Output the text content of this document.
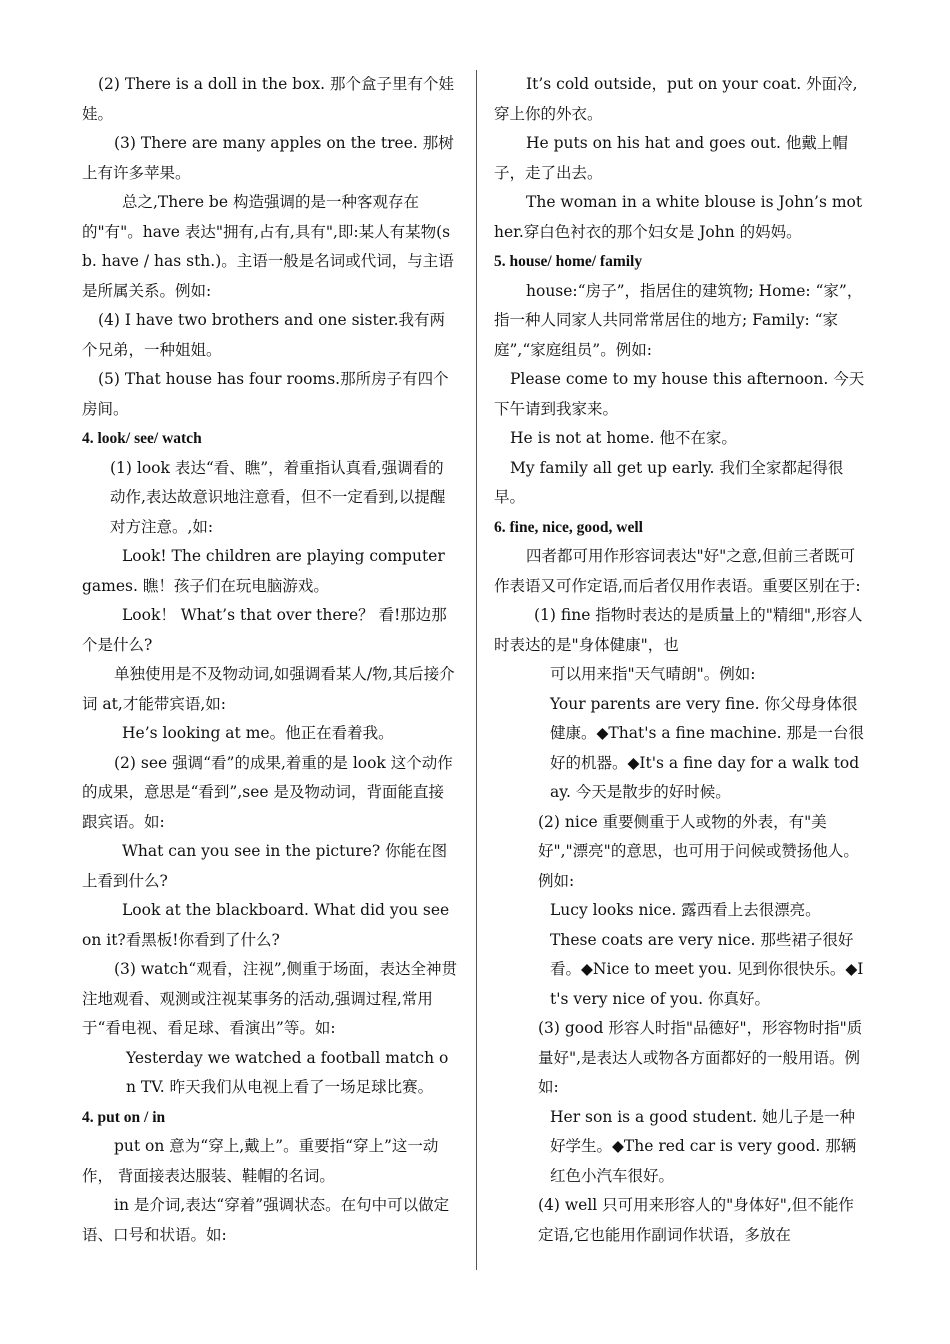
(2) There is a doll in the box. 那个盒子里有个娃娃。

(3) There are many apples on the tree. 那树上有许多苹果。

总之,There be 构造强调的是一种客观存在的"有"。have 表达"拥有,占有,具有",即:某人有某物(sb. have / has sth.)。主语一般是名词或代词，与主语是所属关系。例如:

(4) I have two brothers and one sister.我有两个兄弟，一种姐姐。

(5) That house has four rooms.那所房子有四个房间。

4. look/ see/ watch

(1) look 表达“看、瞧”，着重指认真看,强调看的动作,表达故意识地注意看，但不一定看到,以提醒对方注意。,如:

Look! The children are playing computer games. 瞧！孩子们在玩电脑游戏。

Look！ What’s that over there？ 看!那边那个是什么?

单独使用是不及物动词,如强调看某人/物,其后接介词 at,才能带宾语,如:

He’s looking at me。他正在看着我。

(2) see 强调“看”的成果,着重的是 look 这个动作的成果，意思是“看到”,see 是及物动词，背面能直接跟宾语。如:

What can you see in the picture? 你能在图上看到什么?

Look at the blackboard. What did you see on it?看黑板!你看到了什么?

(3) watch“观看，注视”,侧重于场面，表达全神贯注地观看、观测或注视某事务的活动,强调过程,常用于“看电视、看足球、看演出”等。如:

Yesterday we watched a football match on TV. 昨天我们从电视上看了一场足球比赛。

4. put on / in

put on 意为“穿上,戴上”。重要指“穿上”这一动作， 背面接表达服装、鞋帽的名词。

in 是介词,表达“穿着”强调状态。在句中可以做定语、口号和状语。如:

It’s cold outside，put on your coat. 外面冷,穿上你的外衣。

He puts on his hat and goes out. 他戴上帽子，走了出去。

The woman in a white blouse is John’s mother.穿白色衬衣的那个妇女是 John 的妈妈。

5. house/ home/ family

house:“房子”，指居住的建筑物; Home: “家”，指一种人同家人共同常常居住的地方; Family: “家庭”,“家庭组员”。例如:

Please come to my house this afternoon. 今天下午请到我家来。

He is not at home. 他不在家。

My family all get up early. 我们全家都起得很早。

6. fine, nice, good, well

四者都可用作形容词表达"好"之意,但前三者既可作表语又可作定语,而后者仅用作表语。重要区别在于:

(1) fine 指物时表达的是质量上的"精细",形容人时表达的是"身体健康"，也

可以用来指"天气晴朗"。例如:

Your parents are very fine. 你父母身体很健康。◆That's a fine machine. 那是一台很好的机器。◆It's a fine day for a walk today. 今天是散步的好时候。

(2) nice 重要侧重于人或物的外表，有"美好","漂亮"的意思，也可用于问候或赞扬他人。例如:

Lucy looks nice. 露西看上去很漂亮。

These coats are very nice. 那些裙子很好看。◆Nice to meet you. 见到你很快乐。◆It's very nice of you. 你真好。

(3) good 形容人时指"品德好"，形容物时指"质量好",是表达人或物各方面都好的一般用语。例如:

Her son is a good student. 她儿子是一种好学生。◆The red car is very good. 那辆红色小汽车很好。

(4) well 只可用来形容人的"身体好",但不能作定语,它也能用作副词作状语，多放在
